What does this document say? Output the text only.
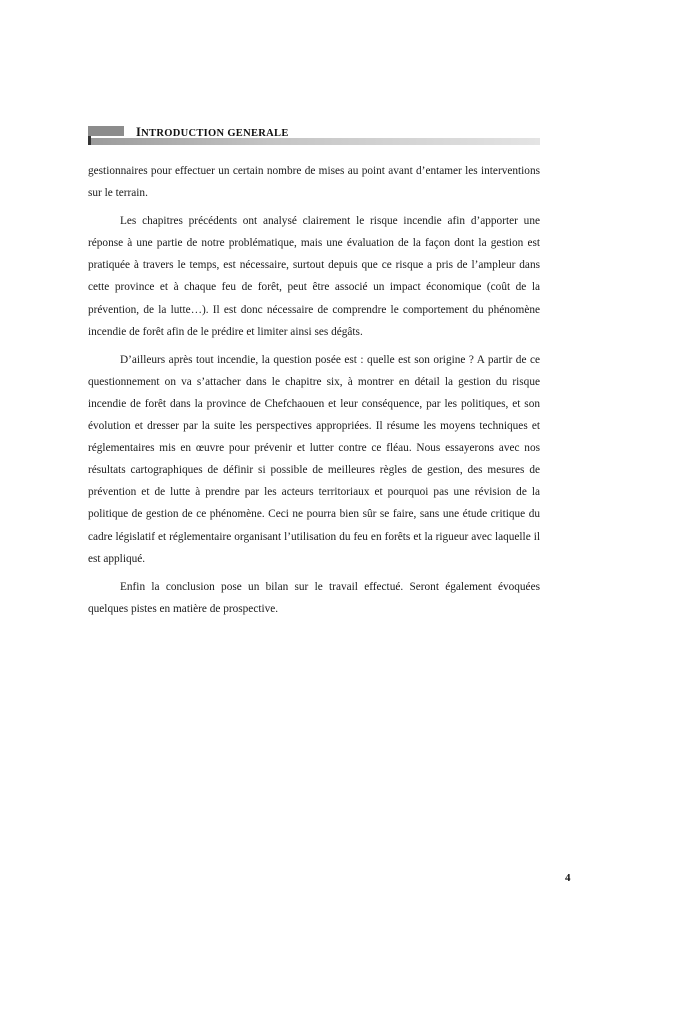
INTRODUCTION GENERALE

gestionnaires pour effectuer un certain nombre de mises au point avant d’entamer les interventions sur le terrain.

Les chapitres précédents ont analysé clairement le risque incendie afin d’apporter une réponse à une partie de notre problématique, mais une évaluation de la façon dont la gestion est pratiquée à travers le temps, est nécessaire, surtout depuis que ce risque a pris de l’ampleur dans cette province et à chaque feu de forêt, peut être associé un impact économique (coût de la prévention, de la lutte…). Il est donc nécessaire de comprendre le comportement du phénomène incendie de forêt afin de le prédire et limiter ainsi ses dégâts.

D’ailleurs après tout incendie, la question posée est : quelle est son origine ? A partir de ce questionnement on va s’attacher dans le chapitre six, à montrer en détail la gestion du risque incendie de forêt dans la province de Chefchaouen et leur conséquence, par les politiques, et son évolution et dresser par la suite les perspectives appropriées. Il résume les moyens techniques et réglementaires mis en œuvre pour prévenir et lutter contre ce fléau. Nous essayerons avec nos résultats cartographiques de définir si possible de meilleures règles de gestion, des mesures de prévention et de lutte à prendre par les acteurs territoriaux et pourquoi pas une révision de la politique de gestion de ce phénomène. Ceci ne pourra bien sûr se faire, sans une étude critique du cadre législatif et réglementaire organisant l’utilisation du feu en forêts et la rigueur avec laquelle il est appliqué.

Enfin la conclusion pose un bilan sur le travail effectué. Seront également évoquées quelques pistes en matière de prospective.

4
